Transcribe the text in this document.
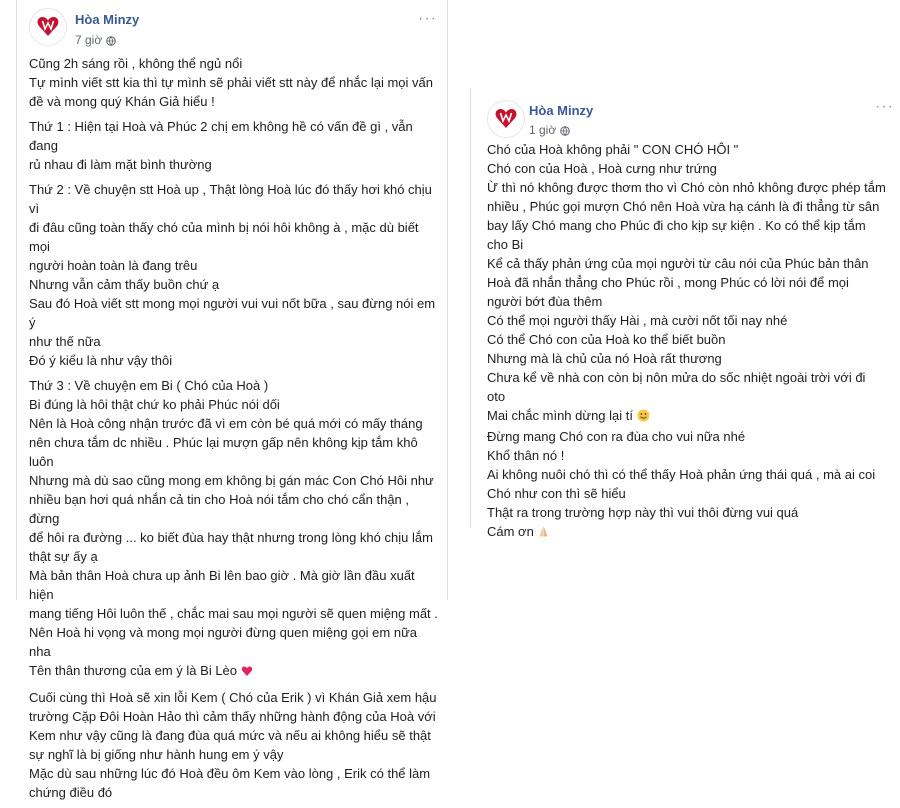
Hòa Minzy
7 giờ
···

Cũng 2h sáng rồi , không thể ngủ nổi

Tự mình viết stt kia thì tự mình sẽ phải viết stt này để nhắc lại mọi vấn

đề và mong quý Khán Giả hiểu !

Thứ 1 : Hiện tại Hoà và Phúc 2 chị em không hề có vấn đề gì , vẫn đang

rủ nhau đi làm mặt bình thường

Thứ 2 : Về chuyện stt Hoà up , Thật lòng Hoà lúc đó thấy hơi khó chịu vì

đi đâu cũng toàn thấy chó của mình bị nói hôi không à , mặc dù biết mọi

người hoàn toàn là đang trêu

Nhưng vẫn cảm thấy buồn chứ ạ

Sau đó Hoà viết stt mong mọi người vui vui nốt bữa , sau đừng nói em ý

như thế nữa

Đó ý kiểu là như vậy thôi

Thứ 3 : Về chuyện em Bi ( Chó của Hoà )

Bi đúng là hôi thật chứ ko phải Phúc nói dối

Nên là Hoà công nhận trước đã vì em còn bé quá mới có mấy tháng

nên chưa tắm dc nhiều . Phúc lại mượn gấp nên không kịp tắm khô luôn

Nhưng mà dù sao cũng mong em không bị gán mác Con Chó Hôi như

nhiều bạn hơi quá nhắn cả tin cho Hoà nói tắm cho chó cẩn thận , đừng

để hôi ra đường ... ko biết đùa hay thật nhưng trong lòng khó chịu lắm

thật sự ấy ạ

Mà bản thân Hoà chưa up ảnh Bi lên bao giờ . Mà giờ lần đầu xuất hiện

mang tiếng Hôi luôn thế , chắc mai sau mọi người sẽ quen miệng mất .

Nên Hoà hi vọng và mong mọi người đừng quen miệng gọi em nữa nha

Tên thân thương của em ý là Bi Lèo

Cuối cùng thì Hoà sẽ xin lỗi Kem ( Chó của Erik ) vì Khán Giả xem hậu

trường Cặp Đôi Hoàn Hảo thì cảm thấy những hành động của Hoà với

Kem như vậy cũng là đang đùa quá mức và nếu ai không hiểu sẽ thật

sự nghĩ là bị giống như hành hung em ý vậy

Mặc dù sau những lúc đó Hoà đều ôm Kem vào lòng , Erik có thể làm

chứng điều đó

Hòa Minzy
1 giờ
···

Chó của Hoà không phải " CON CHÓ HÔI "

Chó con của Hoà , Hoà cưng như trứng

Ừ thì nó không được thơm tho vì Chó còn nhỏ không được phép tắm

nhiều , Phúc gọi mượn Chó nên Hoà vừa hạ cánh là đi thẳng từ sân

bay lấy Chó mang cho Phúc đi cho kịp sự kiện . Ko có thể kịp tắm

cho Bi

Kể cả thấy phản ứng của mọi người từ câu nói của Phúc bản thân

Hoà đã nhắn thẳng cho Phúc rồi , mong Phúc có lời nói để mọi

người bớt đùa thêm

Có thể mọi người thấy Hài , mà cười nốt tối nay nhé

Có thể Chó con của Hoà ko thể biết buồn

Nhưng mà là chủ của nó Hoà rất thương

Chưa kể về nhà con còn bị nôn mửa do sốc nhiệt ngoài trời với đi

oto

Mai chắc mình dừng lại tí

Đừng mang Chó con ra đùa cho vui nữa nhé

Khổ thân nó !

Ai không nuôi chó thì có thể thấy Hoà phản ứng thái quá , mà ai coi

Chó như con thì sẽ hiểu

Thật ra trong trường hợp này thì vui thôi đừng vui quá

Cám ơn
